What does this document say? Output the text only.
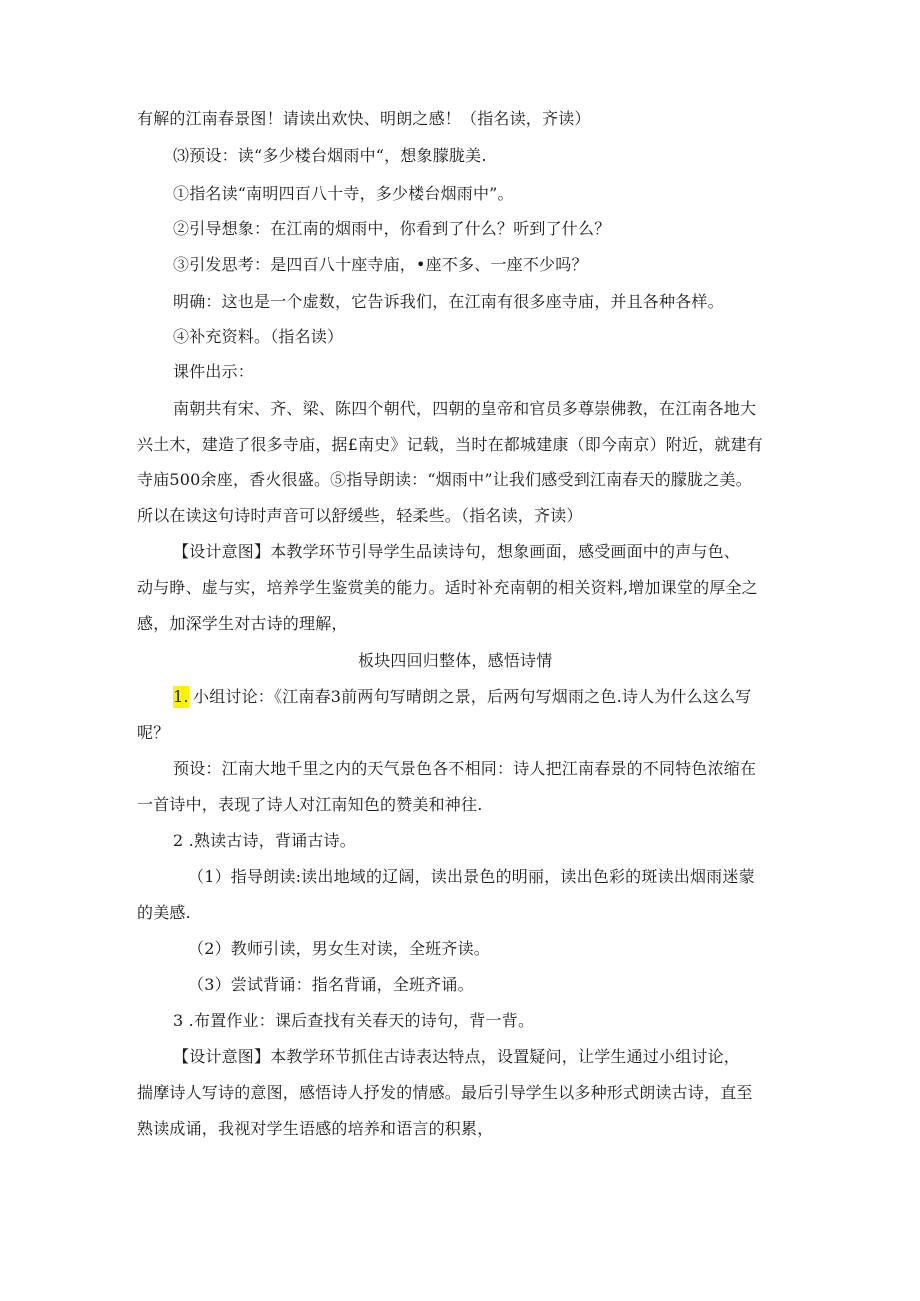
有解的江南春景图！请读出欢快、明朗之感！（指名读，齐读）
⑶预设：读“多少楼台烟雨中“，想象朦胧美.
①指名读“南明四百八十寺，多少楼台烟雨中”。
②引导想象：在江南的烟雨中，你看到了什么？听到了什么？
③引发思考：是四百八十座寺庙，•座不多、一座不少吗？
明确：这也是一个虚数，它告诉我们，在江南有很多座寺庙，并且各种各样。
④补充资料。（指名读）
课件出示：
南朝共有宋、齐、梁、陈四个朝代，四朝的皇帝和官员多尊崇佛教，在江南各地大
兴土木，建造了很多寺庙，据£南史》记载，当时在都城建康（即今南京）附近，就建有
寺庙500余座，香火很盛。⑤指导朗读：“烟雨中”让我们感受到江南春天的朦胧之美。
所以在读这句诗时声音可以舒缓些，轻柔些。（指名读，齐读）
【设计意图】本教学环节引导学生品读诗句，想象画面，感受画面中的声与色、
动与睁、虚与实，培养学生鉴赏美的能力。适时补充南朝的相关资料,增加课堂的厚全之
感，加深学生对古诗的理解，
板块四回归整体，感悟诗情
1. 小组讨论：《江南春3前两句写晴朗之景，后两句写烟雨之色.诗人为什么这么写
呢？
预设：江南大地千里之内的天气景色各不相同：诗人把江南春景的不同特色浓缩在
一首诗中，表现了诗人对江南知色的赞美和神往.
2 .熟读古诗，背诵古诗。
（1）指导朗读:读出地域的辽阔，读出景色的明丽，读出色彩的斑读出烟雨迷蒙
的美感.
（2）教师引读，男女生对读，全班齐读。
（3）尝试背诵：指名背诵，全班齐诵。
3 .布置作业：课后查找有关春天的诗句，背一背。
【设计意图】本教学环节抓住古诗表达特点，设置疑问，让学生通过小组讨论，
揣摩诗人写诗的意图，感悟诗人抒发的情感。最后引导学生以多种形式朗读古诗，直至
熟读成诵，我视对学生语感的培养和语言的积累，
